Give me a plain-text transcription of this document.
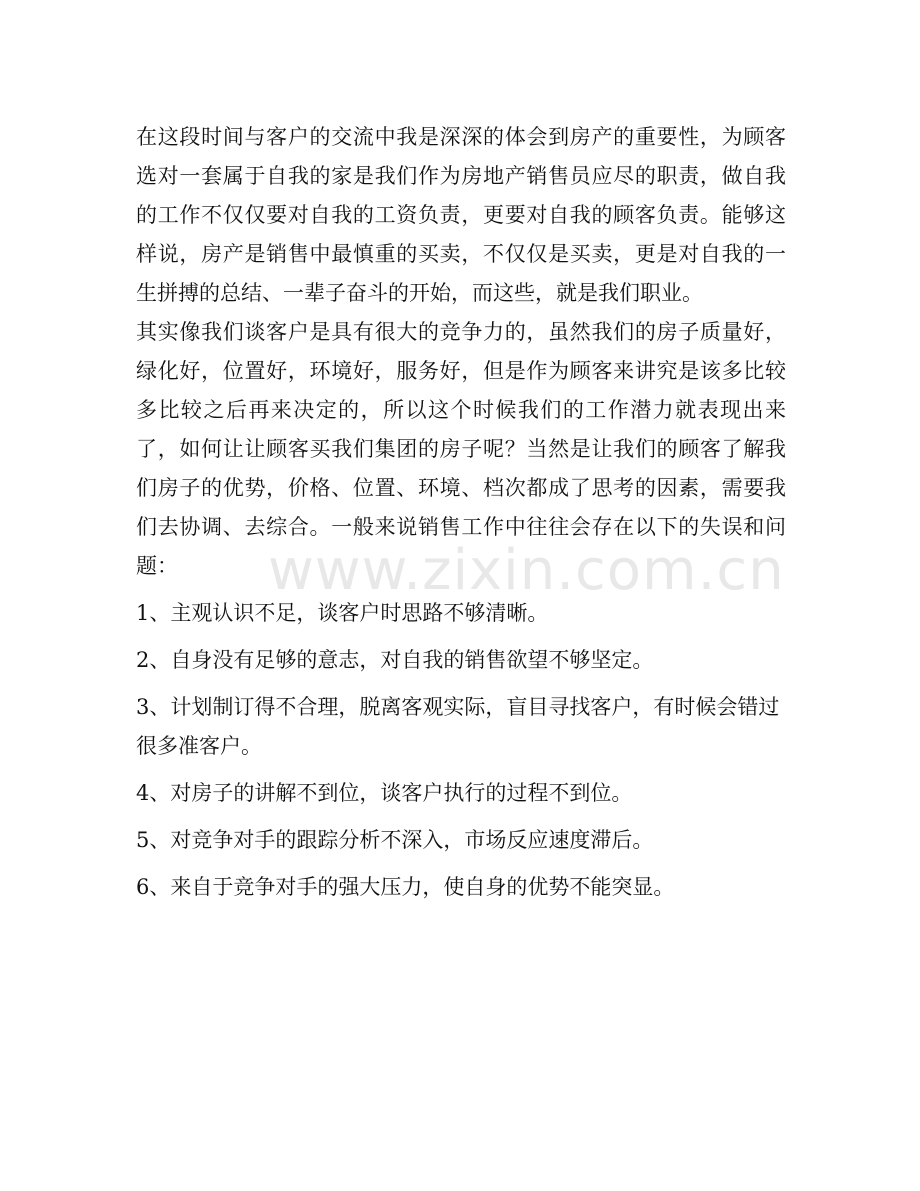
在这段时间与客户的交流中我是深深的体会到房产的重要性，为顾客选对一套属于自我的家是我们作为房地产销售员应尽的职责，做自我的工作不仅仅要对自我的工资负责，更要对自我的顾客负责。能够这样说，房产是销售中最慎重的买卖，不仅仅是买卖，更是对自我的一生拼搏的总结、一辈子奋斗的开始，而这些，就是我们职业。

其实像我们谈客户是具有很大的竞争力的，虽然我们的房子质量好，绿化好，位置好，环境好，服务好，但是作为顾客来讲究是该多比较多比较之后再来决定的，所以这个时候我们的工作潜力就表现出来了，如何让让顾客买我们集团的房子呢？当然是让我们的顾客了解我们房子的优势，价格、位置、环境、档次都成了思考的因素，需要我们去协调、去综合。一般来说销售工作中往往会存在以下的失误和问题：

1、主观认识不足，谈客户时思路不够清晰。

2、自身没有足够的意志，对自我的销售欲望不够坚定。

3、计划制订得不合理，脱离客观实际，盲目寻找客户，有时候会错过很多准客户。

4、对房子的讲解不到位，谈客户执行的过程不到位。

5、对竞争对手的跟踪分析不深入，市场反应速度滞后。

6、来自于竞争对手的强大压力，使自身的优势不能突显。

www.zixin.com.cn
